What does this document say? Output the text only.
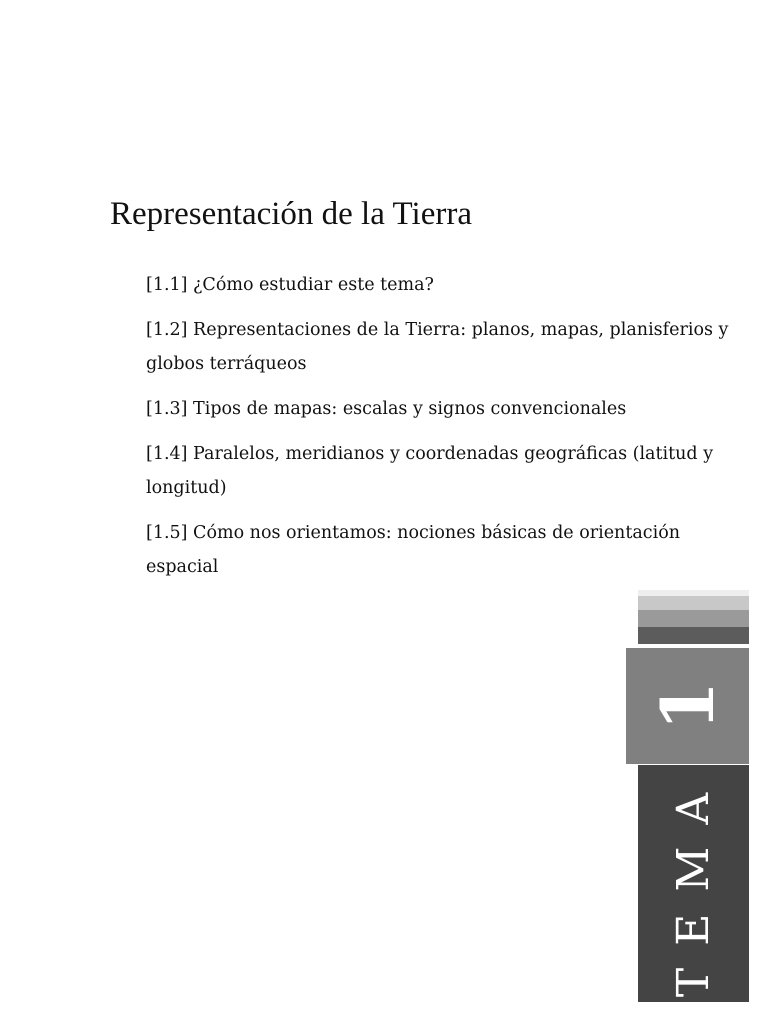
Representación de la Tierra
[1.1] ¿Cómo estudiar este tema?
[1.2] Representaciones de la Tierra: planos, mapas, planisferios y globos terráqueos
[1.3] Tipos de mapas: escalas y signos convencionales
[1.4] Paralelos, meridianos y coordenadas geográficas (latitud y longitud)
[1.5] Cómo nos orientamos: nociones básicas de orientación espacial
1
TEMA
